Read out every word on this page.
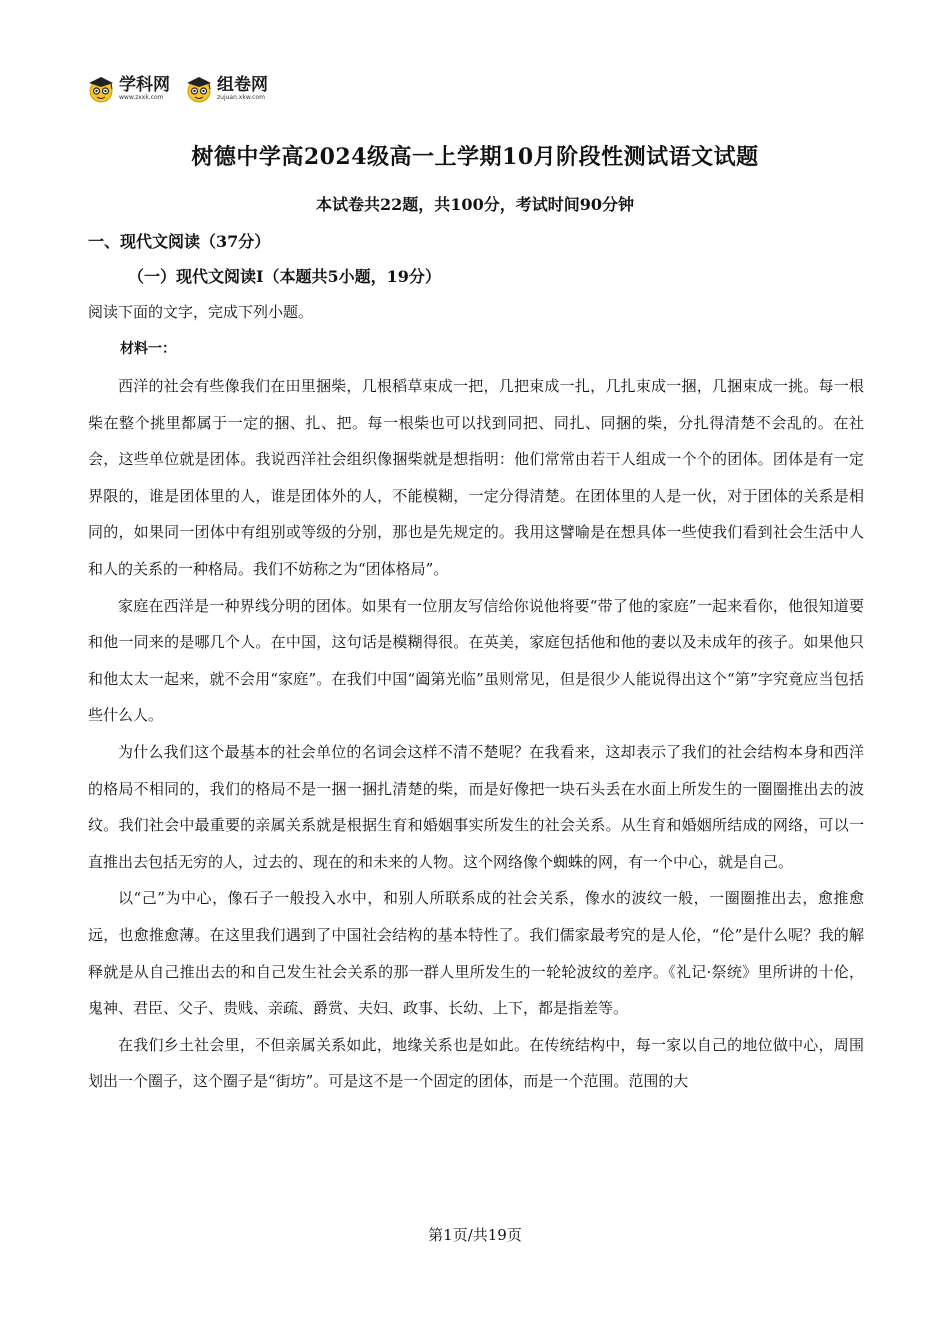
学科网
www.zxxk.com
组卷网
zujuan.xkw.com
树德中学高2024级高一上学期10月阶段性测试语文试题
本试卷共22题，共100分，考试时间90分钟
一、现代文阅读（37分）
（一）现代文阅读Ⅰ（本题共5小题，19分）
阅读下面的文字，完成下列小题。
材料一：

西洋的社会有些像我们在田里捆柴，几根稻草束成一把，几把束成一扎，几扎束成一捆，几捆束成一挑。每一根柴在整个挑里都属于一定的捆、扎、把。每一根柴也可以找到同把、同扎、同捆的柴，分扎得清楚不会乱的。在社会，这些单位就是团体。我说西洋社会组织像捆柴就是想指明：他们常常由若干人组成一个个的团体。团体是有一定界限的，谁是团体里的人，谁是团体外的人，不能模糊，一定分得清楚。在团体里的人是一伙，对于团体的关系是相同的，如果同一团体中有组别或等级的分别，那也是先规定的。我用这譬喻是在想具体一些使我们看到社会生活中人和人的关系的一种格局。我们不妨称之为“团体格局”。

家庭在西洋是一种界线分明的团体。如果有一位朋友写信给你说他将要“带了他的家庭”一起来看你，他很知道要和他一同来的是哪几个人。在中国，这句话是模糊得很。在英美，家庭包括他和他的妻以及未成年的孩子。如果他只和他太太一起来，就不会用“家庭”。在我们中国“阖第光临”虽则常见，但是很少人能说得出这个“第”字究竟应当包括些什么人。

为什么我们这个最基本的社会单位的名词会这样不清不楚呢？在我看来，这却表示了我们的社会结构本身和西洋的格局不相同的，我们的格局不是一捆一捆扎清楚的柴，而是好像把一块石头丢在水面上所发生的一圈圈推出去的波纹。我们社会中最重要的亲属关系就是根据生育和婚姻事实所发生的社会关系。从生育和婚姻所结成的网络，可以一直推出去包括无穷的人，过去的、现在的和未来的人物。这个网络像个蜘蛛的网，有一个中心，就是自己。

以“己”为中心，像石子一般投入水中，和别人所联系成的社会关系，像水的波纹一般，一圈圈推出去，愈推愈远，也愈推愈薄。在这里我们遇到了中国社会结构的基本特性了。我们儒家最考究的是人伦，“伦”是什么呢？我的解释就是从自己推出去的和自己发生社会关系的那一群人里所发生的一轮轮波纹的差序。《礼记·祭统》里所讲的十伦，鬼神、君臣、父子、贵贱、亲疏、爵赏、夫妇、政事、长幼、上下，都是指差等。

在我们乡土社会里，不但亲属关系如此，地缘关系也是如此。在传统结构中，每一家以自己的地位做中心，周围划出一个圈子，这个圈子是“街坊”。可是这不是一个固定的团体，而是一个范围。范围的大

第1页/共19页
